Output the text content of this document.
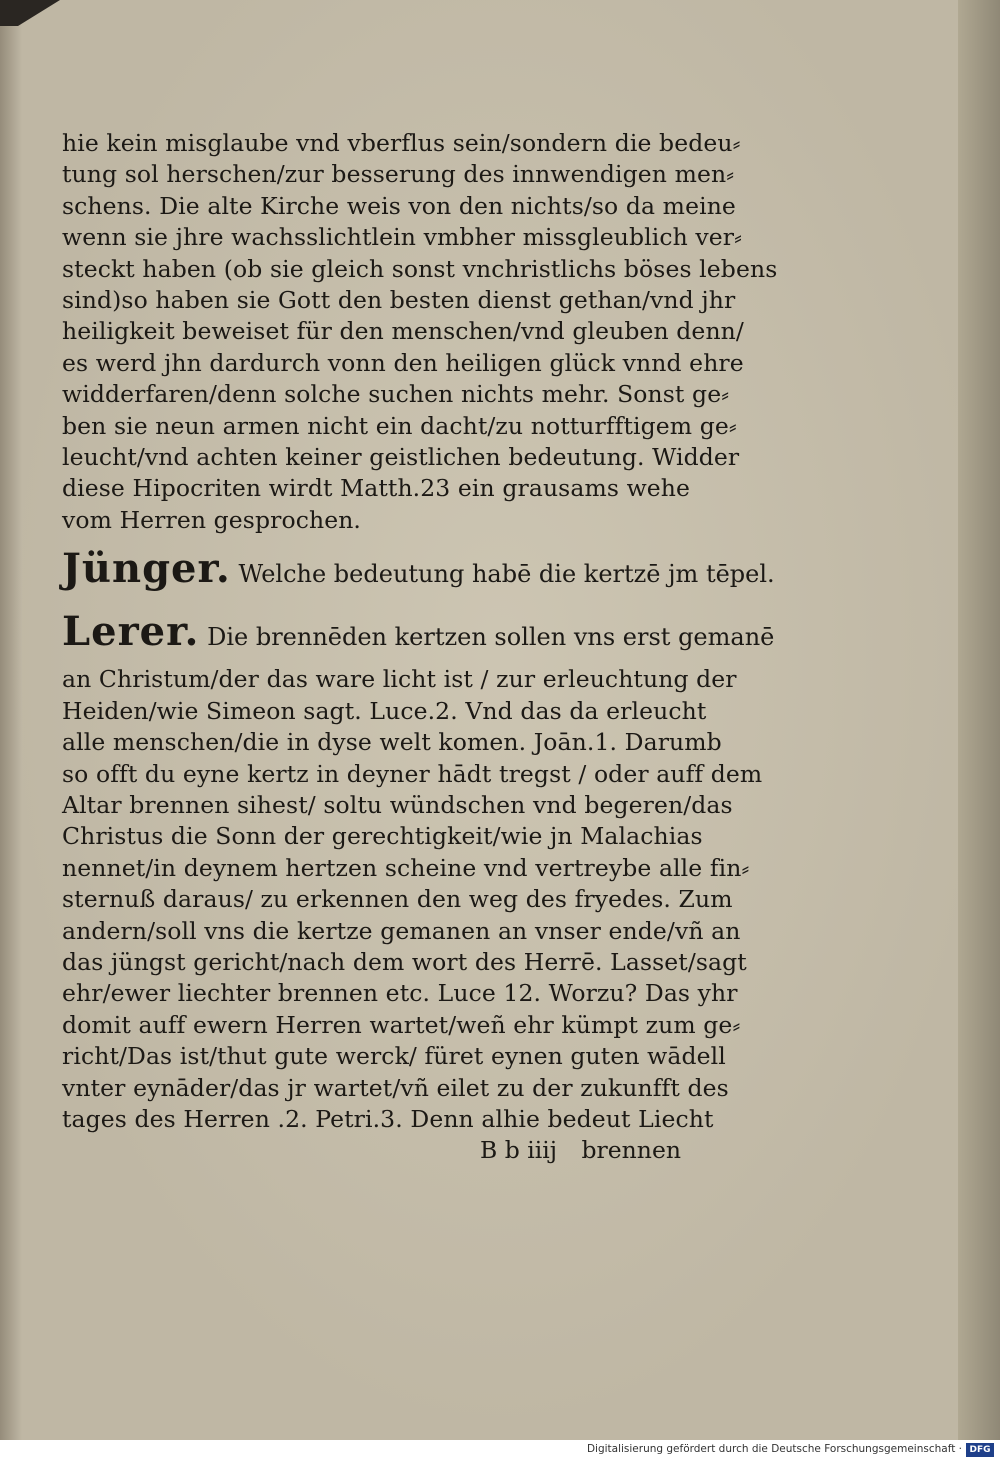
hie kein misglaube vnd vberflus sein/sondern die bedeu⸗
tung sol herschen/zur besserung des innwendigen men⸗
schens. Die alte Kirche weis von den nichts/so da meine
wenn sie jhre wachsslichtlein vmbher missgleublich ver⸗
steckt haben (ob sie gleich sonst vnchristlichs böses lebens
sind)so haben sie Gott den besten dienst gethan/vnd jhr
heiligkeit beweiset für den menschen/vnd gleuben denn/
es werd jhn dardurch vonn den heiligen glück vnnd ehre
widderfaren/denn solche suchen nichts mehr. Sonst ge⸗
ben sie neun armen nicht ein dacht/zu notturfftigem ge⸗
leucht/vnd achten keiner geistlichen bedeutung. Widder
diese Hipocriten wirdt Matth.23 ein grausams wehe
vom Herren gesprochen.
Jünger. Welche bedeutung habē die kertzē jm tēpel.
Lerer. Die brennēden kertzen sollen vns erst gemanē
an Christum/der das ware licht ist / zur erleuchtung der
Heiden/wie Simeon sagt. Luce.2. Vnd das da erleucht
alle menschen/die in dyse welt komen. Joān.1. Darumb
so offt du eyne kertz in deyner hādt tregst / oder auff dem
Altar brennen sihest/ soltu wündschen vnd begeren/das
Christus die Sonn der gerechtigkeit/wie jn Malachias
nennet/in deynem hertzen scheine vnd vertreybe alle fin⸗
sternuß daraus/ zu erkennen den weg des fryedes. Zum
andern/soll vns die kertze gemanen an vnser ende/vñ an
das jüngst gericht/nach dem wort des Herrē. Lasset/sagt
ehr/ewer liechter brennen etc. Luce 12. Worzu? Das yhr
domit auff ewern Herren wartet/weñ ehr kümpt zum ge⸗
richt/Das ist/thut gute werck/ füret eynen guten wādell
vnter eynāder/das jr wartet/vñ eilet zu der zukunfft des
tages des Herren .2. Petri.3. Denn alhie bedeut Liecht
B b iiij brennen
Digitalisierung gefördert durch die Deutsche Forschungsgemeinschaft · DFG
